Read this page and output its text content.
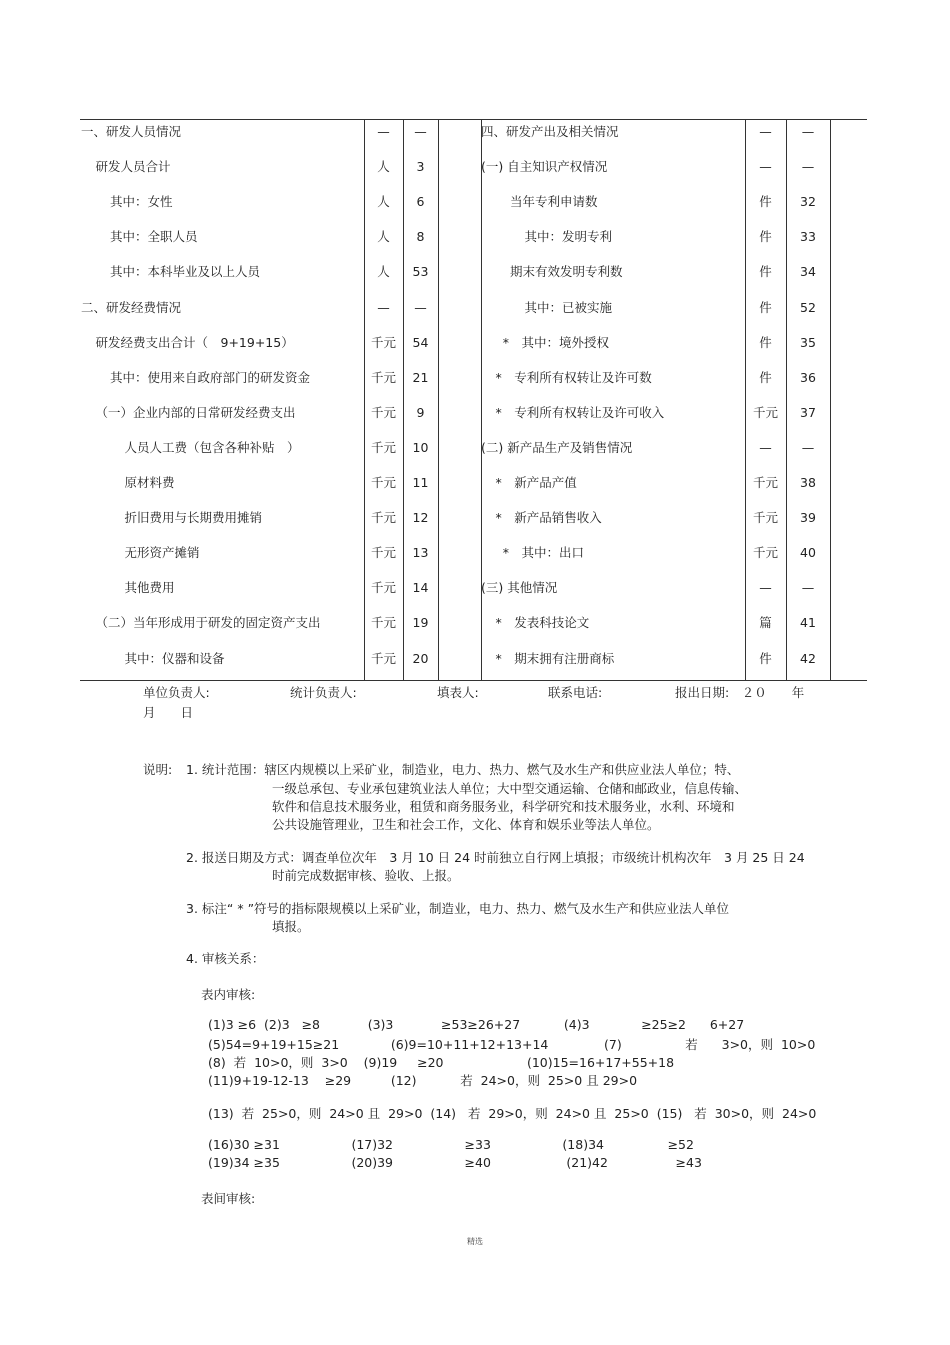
一、研发人员情况	—	—
研发人员合计	人	3
其中：女性	人	6
其中：全职人员	人	8
其中：本科毕业及以上人员	人	53
二、研发经费情况	—	—
研发经费支出合计（　9+19+15）	千元	54
其中：使用来自政府部门的研发资金	千元	21
（一）企业内部的日常研发经费支出	千元	9
人员人工费（包含各种补贴　）	千元	10
原材料费	千元	11
折旧费用与长期费用摊销	千元	12
无形资产摊销	千元	13
其他费用	千元	14
（二）当年形成用于研发的固定资产支出	千元	19
其中：仪器和设备	千元	20
四、研发产出及相关情况	—	—
(一) 自主知识产权情况	—	—
当年专利申请数	件	32
其中：发明专利	件	33
期末有效发明专利数	件	34
其中：已被实施	件	52
*　其中：境外授权	件	35
*　专利所有权转让及许可数	件	36
*　专利所有权转让及许可收入	千元	37
(二) 新产品生产及销售情况	—	—
*　新产品产值	千元	38
*　新产品销售收入	千元	39
*　其中：出口	千元	40
(三) 其他情况	—	—
*　发表科技论文	篇	41
*　期末拥有注册商标	件	42
单位负责人:	统计负责人:	填表人:	联系电话:	报出日期:　２０　　年
月　　日
说明: 1. 统计范围：辖区内规模以上采矿业，制造业，电力、热力、燃气及水生产和供应业法人单位；特、
一级总承包、专业承包建筑业法人单位；大中型交通运输、仓储和邮政业，信息传输、
软件和信息技术服务业，租赁和商务服务业，科学研究和技术服务业，水利、环境和
公共设施管理业，卫生和社会工作，文化、体育和娱乐业等法人单位。
2. 报送日期及方式：调查单位次年　3 月 10 日 24 时前独立自行网上填报；市级统计机构次年　3 月 25 日 24
时前完成数据审核、验收、上报。
3. 标注“ * ”符号的指标限规模以上采矿业，制造业，电力、热力、燃气及水生产和供应业法人单位
填报。
4. 审核关系：
表内审核:
(1)3 ≥6  (2)3   ≥8            (3)3            ≥53≥26+27           (4)3             ≥25≥2      6+27
(5)54=9+19+15≥21             (6)9=10+11+12+13+14              (7)                若      3>0，则  10>0
(8)  若  10>0，则  3>0    (9)19     ≥20                     (10)15=16+17+55+18
(11)9+19-12-13    ≥29          (12)           若  24>0，则  25>0 且 29>0
(13)  若  25>0，则  24>0 且  29>0  (14)   若  29>0，则  24>0 且  25>0  (15)   若  30>0，则  24>0
(16)30 ≥31                  (17)32                  ≥33                  (18)34                ≥52
(19)34 ≥35                  (20)39                  ≥40                   (21)42                 ≥43
表间审核:
精选
